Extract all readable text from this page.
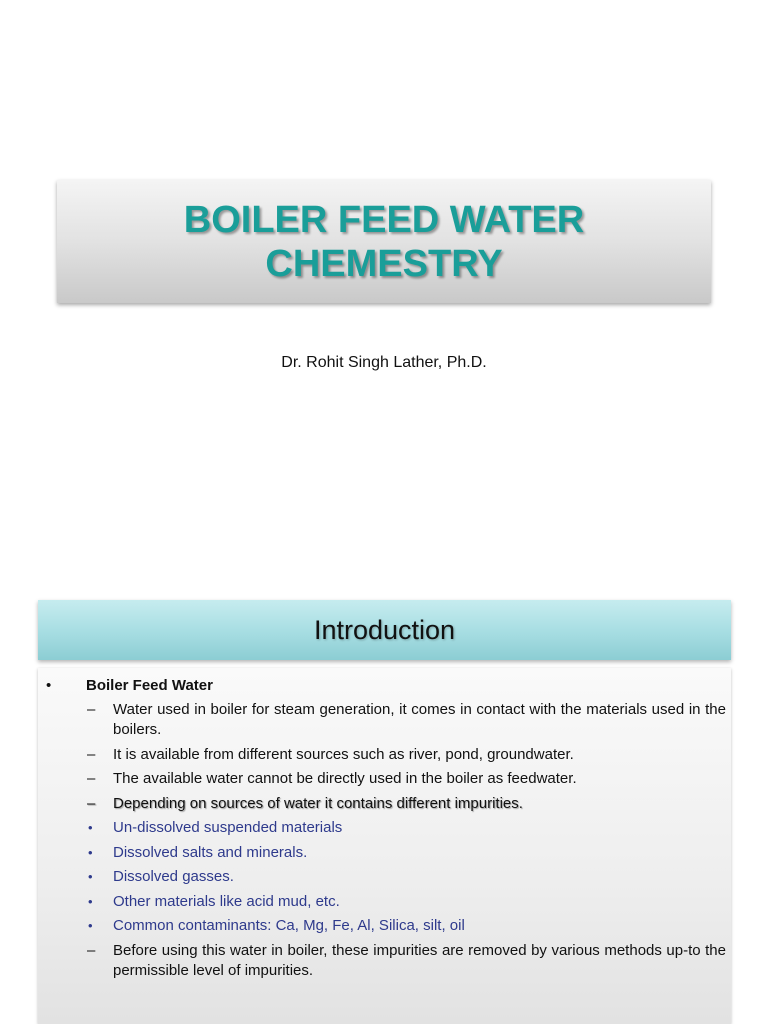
BOILER FEED WATER
CHEMESTRY
Dr. Rohit Singh Lather, Ph.D.
Introduction
• Boiler Feed Water
– Water used in boiler for steam generation, it comes in contact with the materials used in the boilers.
– It is available from different sources such as river, pond, groundwater.
– The available water cannot be directly used in the boiler as feedwater.
– Depending on sources of water it contains different impurities.
• Un-dissolved suspended materials
• Dissolved salts and minerals.
• Dissolved gasses.
• Other materials like acid mud, etc.
• Common contaminants: Ca, Mg, Fe, Al, Silica, silt, oil
– Before using this water in boiler, these impurities are removed by various methods up-to the permissible level of impurities.
